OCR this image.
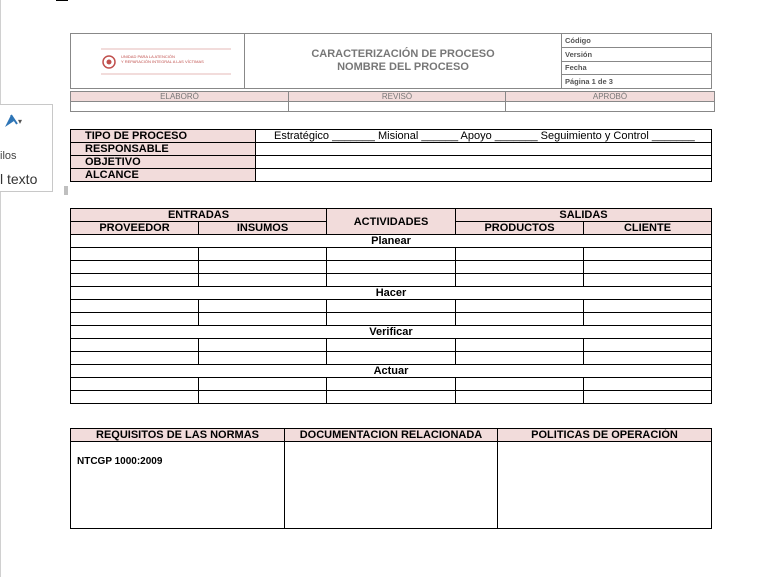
▾
ilos
l texto
UNIDAD PARA LA ATENCIÓN
Y REPARACIÓN INTEGRAL A LAS VÍCTIMAS

CARACTERIZACIÓN DE PROCESO
NOMBRE DEL PROCESO
	Código
Versión
Fecha
Página 1 de 3
ELABORÓ	REVISÓ	APROBÓ

TIPO DE PROCESO	Estratégico _______ Misional ______ Apoyo _______ Seguimiento y Control _______
RESPONSABLE	
OBJETIVO	
ALCANCE	
ENTRADAS		ACTIVIDADES	SALIDAS	
PROVEEDOR	INSUMOS		PRODUCTOS	CLIENTE
Planear				

Hacer				

Verificar				

Actuar				

REQUISITOS DE LAS NORMAS	DOCUMENTACION RELACIONADA	POLITICAS DE OPERACIÓN

NTCGP 1000:2009		
